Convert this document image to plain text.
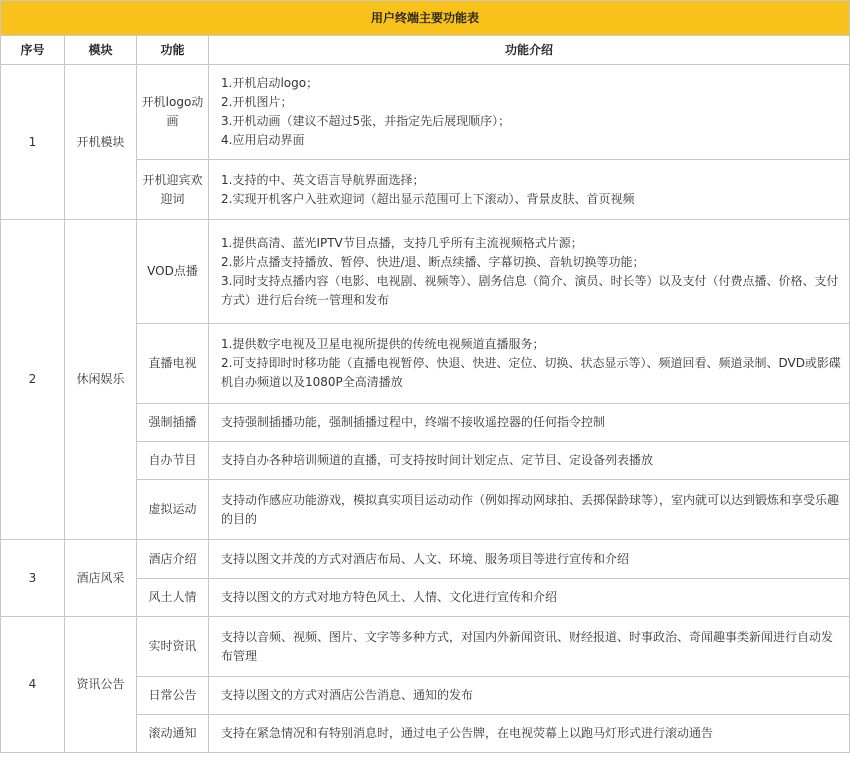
用户终端主要功能表			
序号	模块	功能	功能介绍
1	开机模块	开机logo动画	1.开机启动logo；
2.开机图片；
3.开机动画（建议不超过5张，并指定先后展现顺序）；
4.应用启动界面

		开机迎宾欢迎词	1.支持的中、英文语言导航界面选择；
2.实现开机客户入驻欢迎词（超出显示范围可上下滚动）、背景皮肤、首页视频

2	休闲娱乐	VOD点播	1.提供高清、蓝光IPTV节目点播，支持几乎所有主流视频格式片源；
2.影片点播支持播放、暂停、快进/退、断点续播、字幕切换、音轨切换等功能；
3.同时支持点播内容（电影、电视剧、视频等）、剧务信息（简介、演员、时长等）以及支付（付费点播、价格、支付方式）进行后台统一管理和发布

		直播电视	1.提供数字电视及卫星电视所提供的传统电视频道直播服务；
2.可支持即时时移功能（直播电视暂停、快退、快进、定位、切换、状态显示等）、频道回看、频道录制、DVD或影碟机自办频道以及1080P全高清播放

		强制插播	支持强制插播功能，强制插播过程中，终端不接收遥控器的任何指令控制

		自办节目	支持自办各种培训频道的直播，可支持按时间计划定点、定节目、定设备列表播放

		虚拟运动	支持动作感应功能游戏，模拟真实项目运动动作（例如挥动网球拍、丢掷保龄球等），室内就可以达到锻炼和享受乐趣的目的

3	酒店风采	酒店介绍	支持以图文并茂的方式对酒店布局、人文、环境、服务项目等进行宣传和介绍

		风土人情	支持以图文的方式对地方特色风土、人情、文化进行宣传和介绍

4	资讯公告	实时资讯	支持以音频、视频、图片、文字等多种方式，对国内外新闻资讯、财经报道、时事政治、奇闻趣事类新闻进行自动发布管理

		日常公告	支持以图文的方式对酒店公告消息、通知的发布

		滚动通知	支持在紧急情况和有特别消息时，通过电子公告牌，在电视荧幕上以跑马灯形式进行滚动通告
